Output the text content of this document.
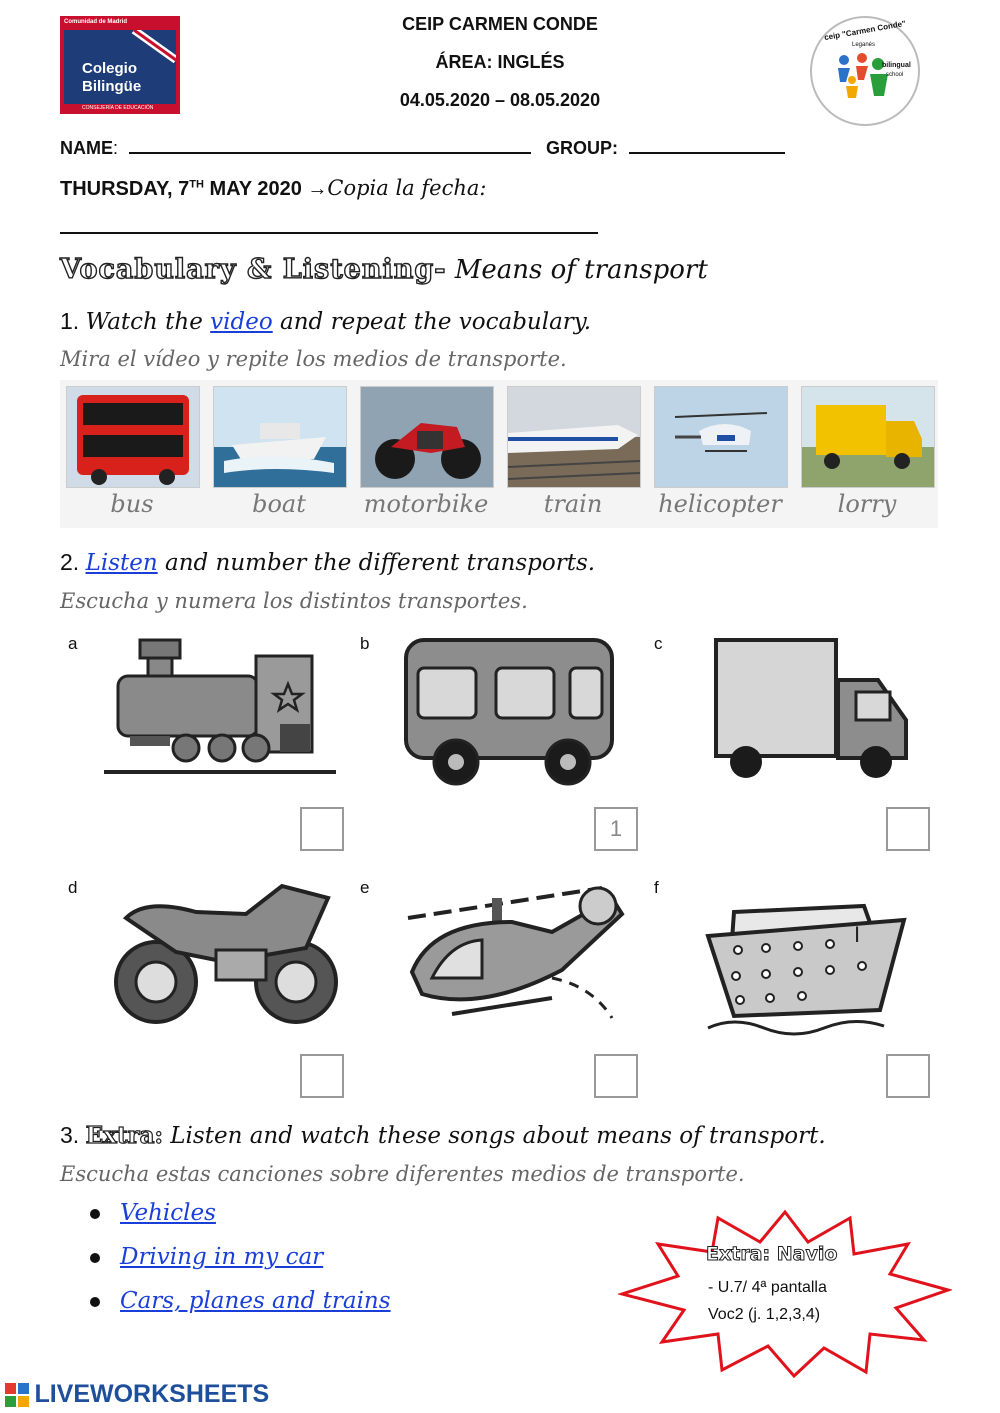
Comunidad de Madrid
Colegio
Bilingüe
CONSEJERÍA DE EDUCACIÓN
CEIP CARMEN CONDE
ÁREA: INGLÉS
04.05.2020 – 08.05.2020
ceip "Carmen Conde"
Leganés
bilingual
school
NAME:	GROUP:
THURSDAY, 7TH MAY 2020 →Copia la fecha:
Vocabulary & Listening- Means of transport
1. Watch the video and repeat the vocabulary.
Mira el vídeo y repite los medios de transporte.
bus	boat	motorbike	train	helicopter	lorry
2. Listen and number the different transports.
Escucha y numera los distintos transportes.
a	b	c
d	e	f
I
1
3. Extra: Listen and watch these songs about means of transport.
Escucha estas canciones sobre diferentes medios de transporte.
Vehicles
Driving in my car
Cars, planes and trains
Extra: Navio
- U.7/ 4ª pantalla
Voc2 (j. 1,2,3,4)
LIVEWORKSHEETS
